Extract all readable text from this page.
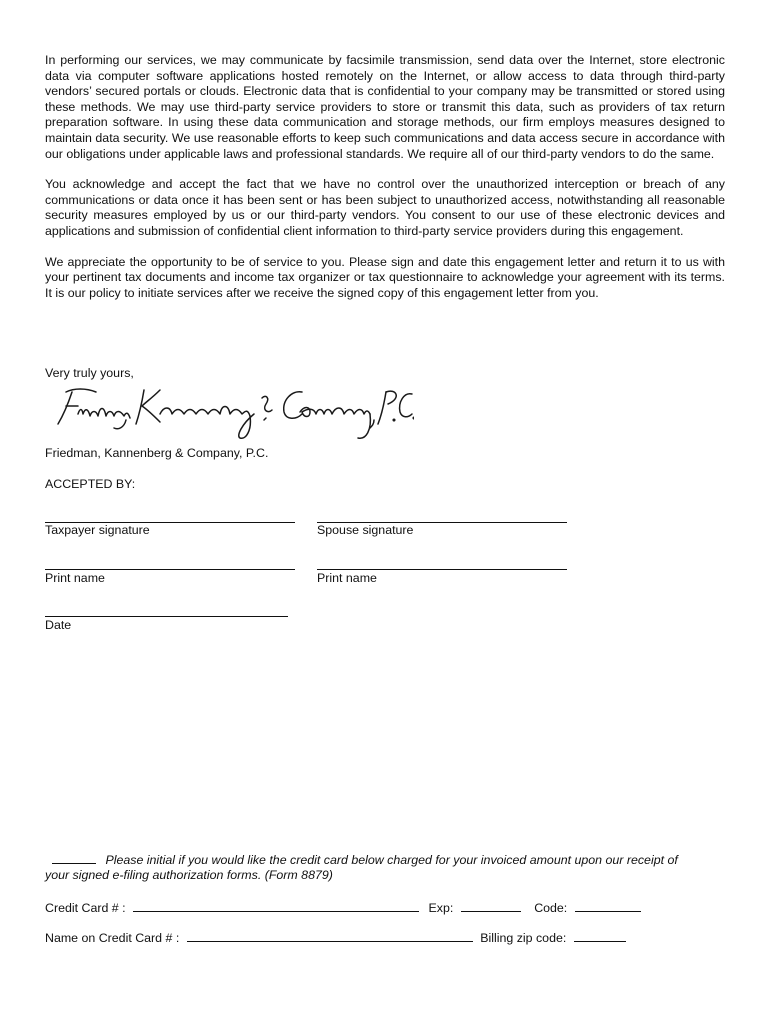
In performing our services, we may communicate by facsimile transmission, send data over the Internet, store electronic data via computer software applications hosted remotely on the Internet, or allow access to data through third-party vendors’ secured portals or clouds. Electronic data that is confidential to your company may be transmitted or stored using these methods. We may use third-party service providers to store or transmit this data, such as providers of tax return preparation software. In using these data communication and storage methods, our firm employs measures designed to maintain data security. We use reasonable efforts to keep such communications and data access secure in accordance with our obligations under applicable laws and professional standards. We require all of our third-party vendors to do the same.

You acknowledge and accept the fact that we have no control over the unauthorized interception or breach of any communications or data once it has been sent or has been subject to unauthorized access, notwithstanding all reasonable security measures employed by us or our third-party vendors. You consent to our use of these electronic devices and applications and submission of confidential client information to third-party service providers during this engagement.

We appreciate the opportunity to be of service to you. Please sign and date this engagement letter and return it to us with your pertinent tax documents and income tax organizer or tax questionnaire to acknowledge your agreement with its terms. It is our policy to initiate services after we receive the signed copy of this engagement letter from you.

Very truly yours,
Friedman, Kannenberg & Company, P.C.
Friedman, Kannenberg & Company, P.C.
ACCEPTED BY:
Taxpayer signature	Spouse signature
Print name	Print name
Date
Please initial if you would like the credit card below charged for your invoiced amount upon our receipt of
your signed e-filing authorization forms. (Form 8879)
Credit Card # :	Exp:	Code:
Name on Credit Card # :	Billing zip code:
